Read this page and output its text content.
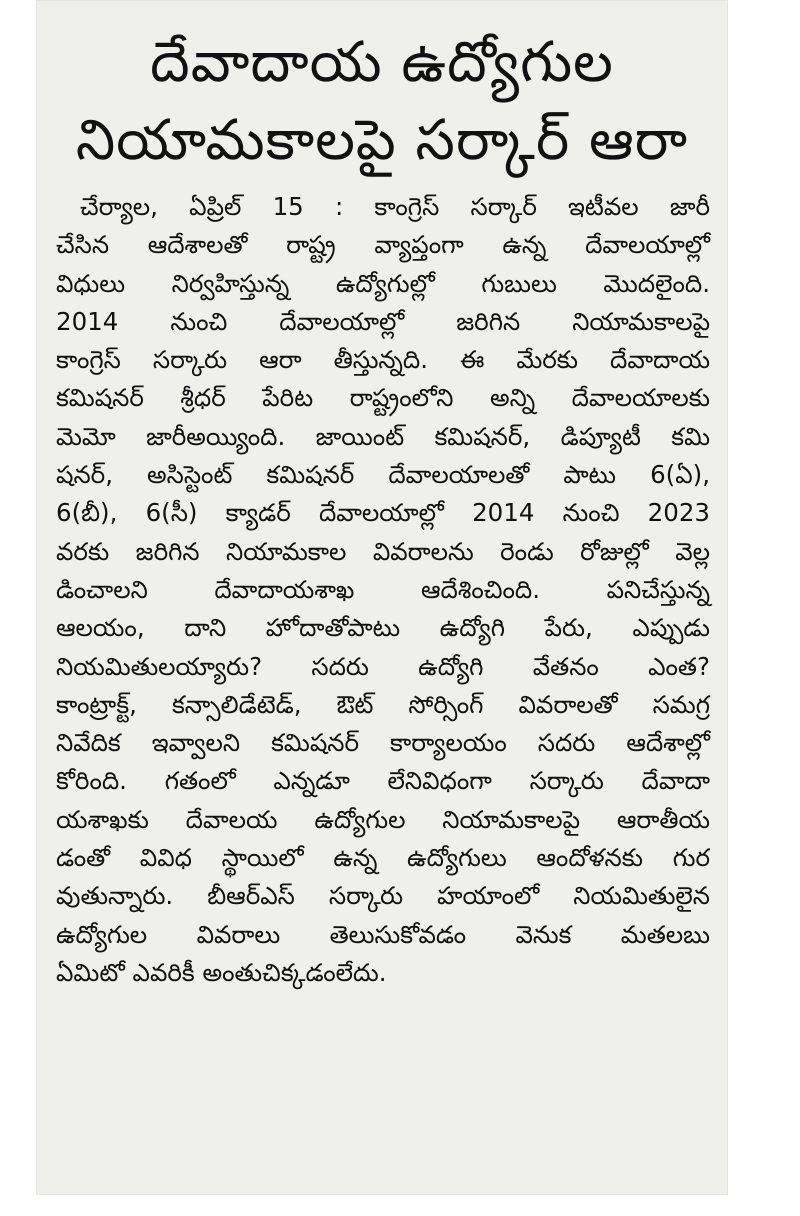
దేవాదాయ ఉద్యోగుల
నియామకాలపై సర్కార్ ఆరా
చేర్యాల, ఏప్రిల్ 15 : కాంగ్రెస్ సర్కార్ ఇటీవల జారీ
చేసిన ఆదేశాలతో రాష్ట్ర వ్యాప్తంగా ఉన్న దేవాలయాల్లో
విధులు నిర్వహిస్తున్న ఉద్యోగుల్లో గుబులు మొదలైంది.
2014 నుంచి దేవాలయాల్లో జరిగిన నియామకాలపై
కాంగ్రెస్ సర్కారు ఆరా తీస్తున్నది. ఈ మేరకు దేవాదాయ
కమిషనర్ శ్రీధర్ పేరిట రాష్ట్రంలోని అన్ని దేవాలయాలకు
మెమో జారీఅయ్యింది. జాయింట్ కమిషనర్, డిప్యూటీ కమి
షనర్, అసిస్టెంట్ కమిషనర్ దేవాలయాలతో పాటు 6(ఏ),
6(బీ), 6(సీ) క్యాడర్ దేవాలయాల్లో 2014 నుంచి 2023
వరకు జరిగిన నియామకాల వివరాలను రెండు రోజుల్లో వెల్ల
డించాలని దేవాదాయశాఖ ఆదేశించింది. పనిచేస్తున్న
ఆలయం, దాని హోదాతోపాటు ఉద్యోగి పేరు, ఎప్పుడు
నియమితులయ్యారు? సదరు ఉద్యోగి వేతనం ఎంత?
కాంట్రాక్ట్, కన్సాలిడేటెడ్, ఔట్ సోర్సింగ్ వివరాలతో సమగ్ర
నివేదిక ఇవ్వాలని కమిషనర్ కార్యాలయం సదరు ఆదేశాల్లో
కోరింది. గతంలో ఎన్నడూ లేనివిధంగా సర్కారు దేవాదా
యశాఖకు దేవాలయ ఉద్యోగుల నియామకాలపై ఆరాతీయ
డంతో వివిధ స్థాయిలో ఉన్న ఉద్యోగులు ఆందోళనకు గుర
వుతున్నారు. బీఆర్ఎస్ సర్కారు హయాంలో నియమితులైన
ఉద్యోగుల వివరాలు తెలుసుకోవడం వెనుక మతలబు
ఏమిటో ఎవరికీ అంతుచిక్కడంలేదు.
